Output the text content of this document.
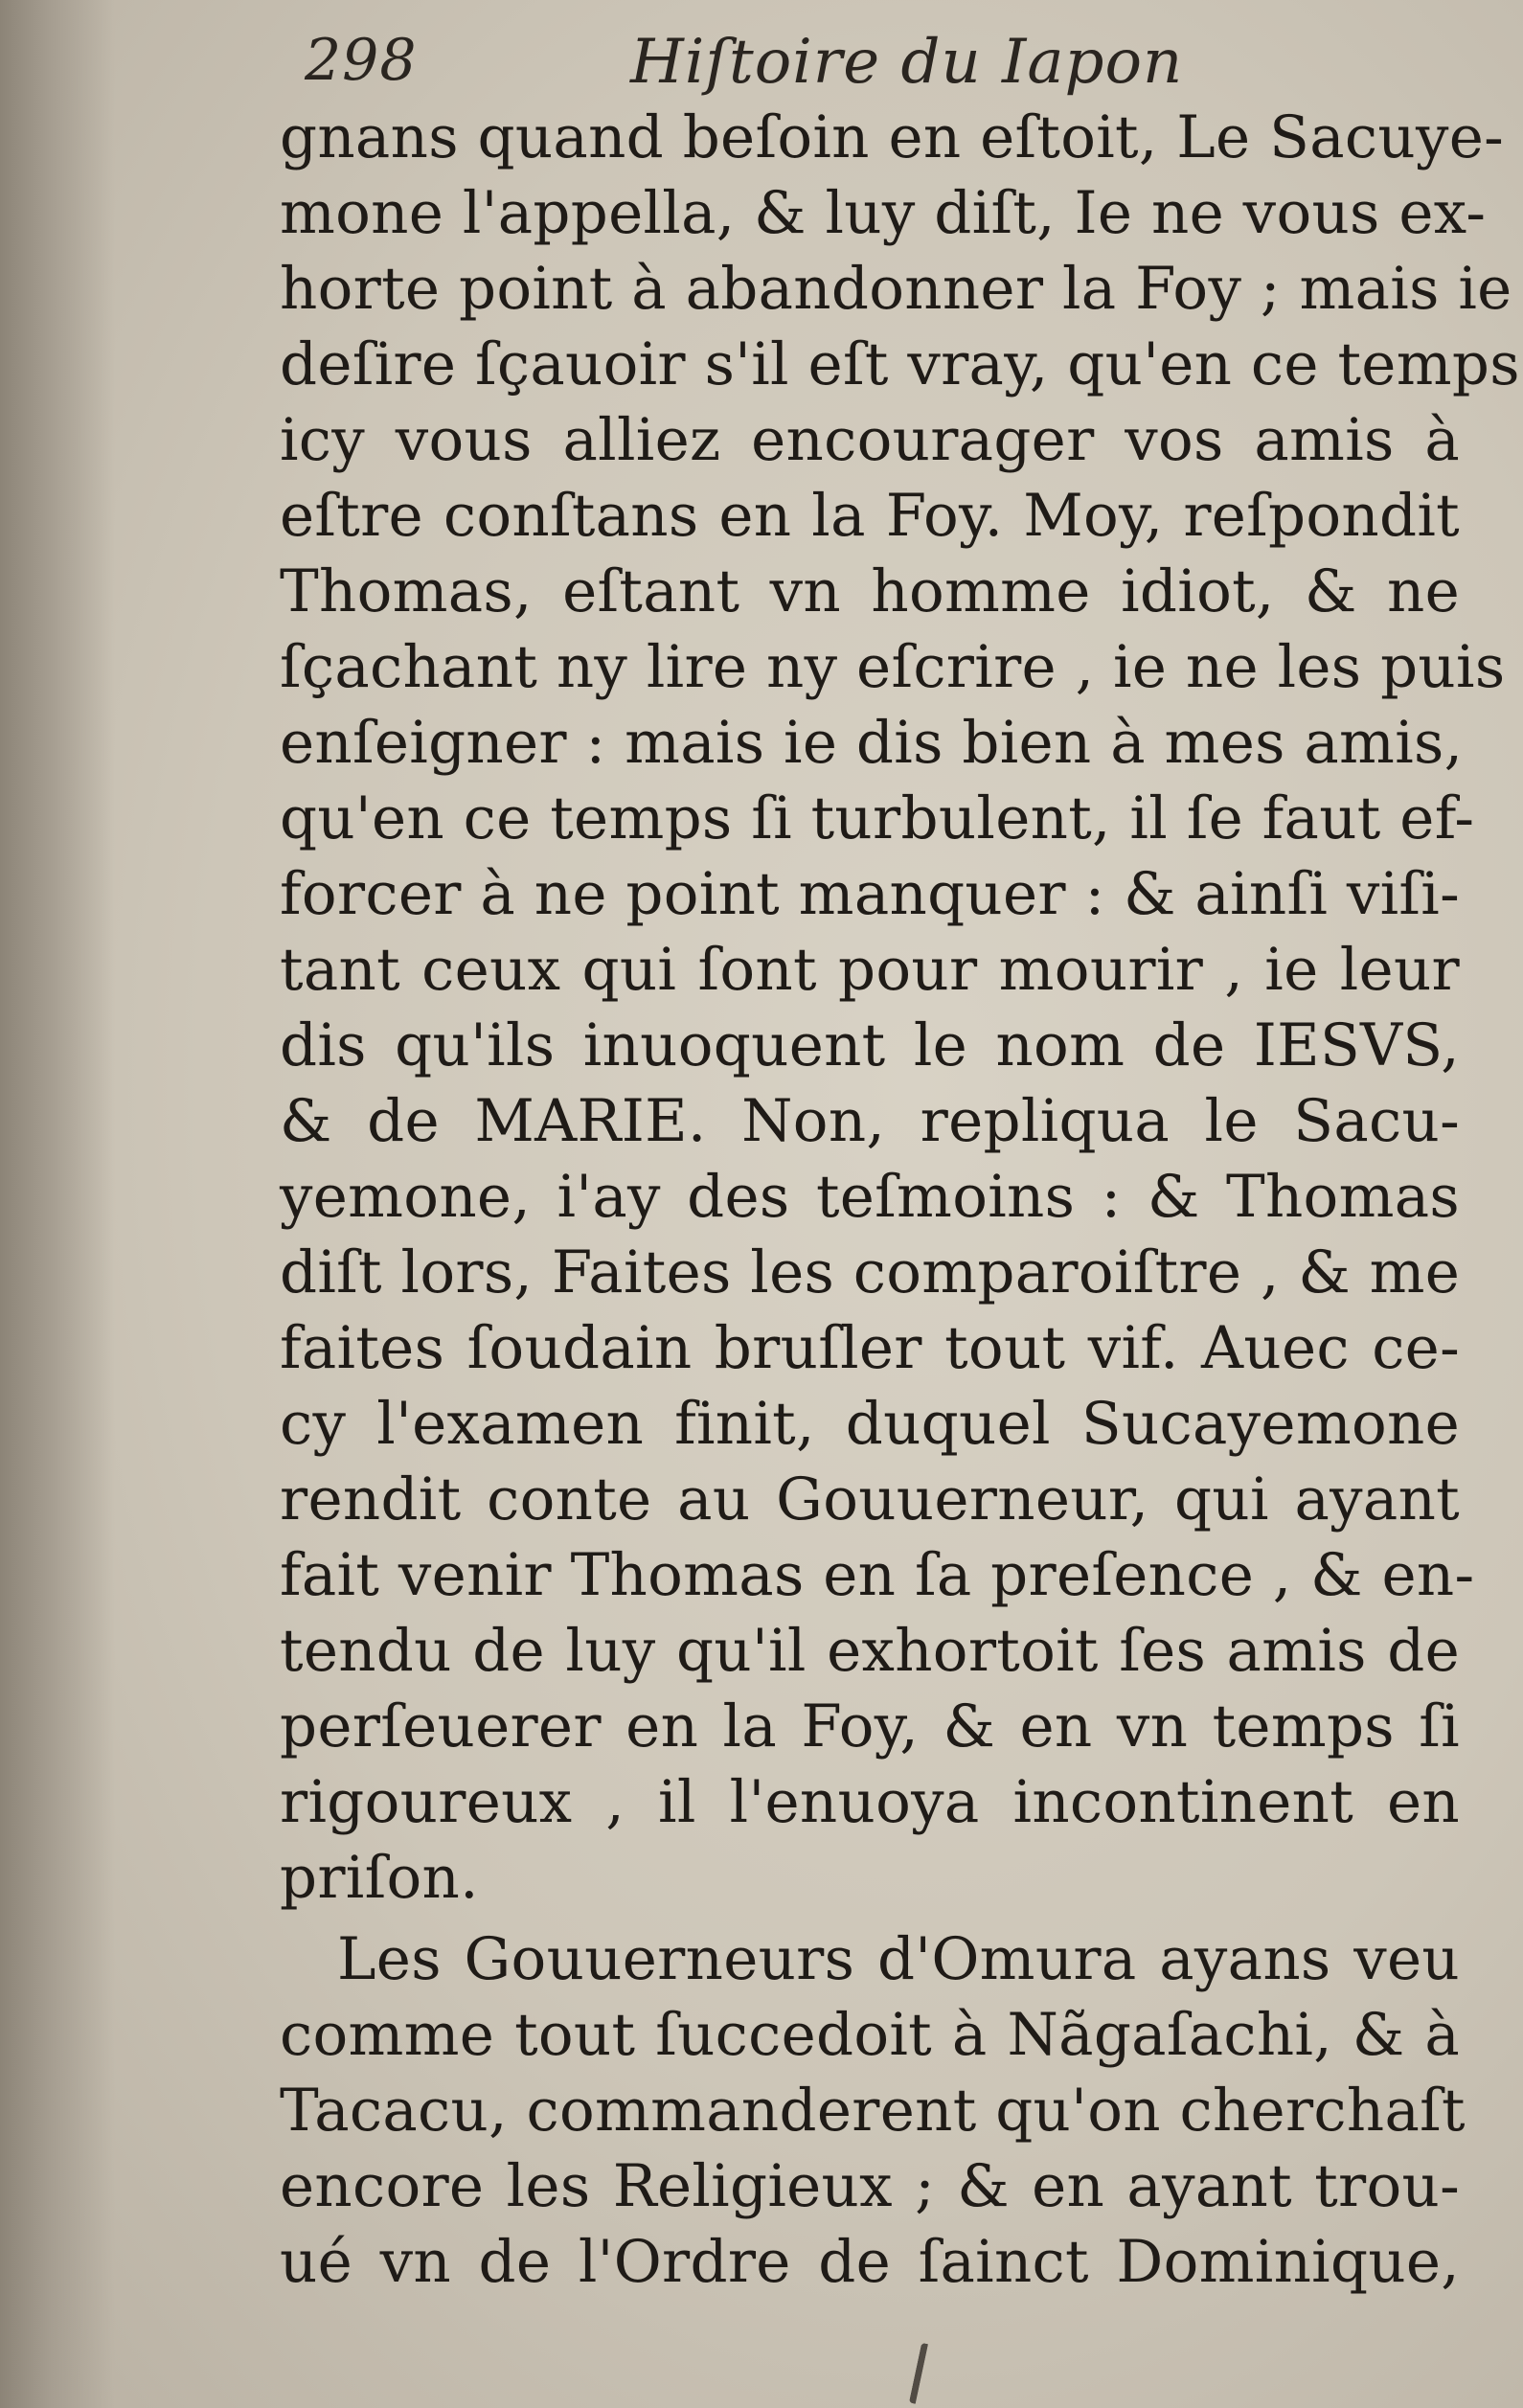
298	Hiſtoire du Iapon
gnans quand beſoin en eſtoit, Le Sacuye-
mone l'appella, & luy diſt, Ie ne vous ex-
horte point à abandonner la Foy ; mais ie
deſire ſçauoir s'il eſt vray, qu'en ce temps
icy vous alliez encourager vos amis à
eſtre conſtans en la Foy. Moy, reſpondit
Thomas, eſtant vn homme idiot, & ne
ſçachant ny lire ny eſcrire , ie ne les puis
enſeigner : mais ie dis bien à mes amis,
qu'en ce temps ſi turbulent, il ſe faut ef-
forcer à ne point manquer : & ainſi viſi-
tant ceux qui ſont pour mourir , ie leur
dis qu'ils inuoquent le nom de IESVS,
& de MARIE. Non, repliqua le Sacu-
yemone, i'ay des teſmoins : & Thomas
diſt lors, Faites les comparoiſtre , & me
faites ſoudain bruſler tout vif. Auec ce-
cy l'examen finit, duquel Sucayemone
rendit conte au Gouuerneur, qui ayant
fait venir Thomas en ſa preſence , & en-
tendu de luy qu'il exhortoit ſes amis de
perſeuerer en la Foy, & en vn temps ſi
rigoureux , il l'enuoya incontinent en
priſon.
Les Gouuerneurs d'Omura ayans veu
comme tout ſuccedoit à Nãgaſachi, & à
Tacacu, commanderent qu'on cherchaſt
encore les Religieux ; & en ayant trou-
ué vn de l'Ordre de ſainct Dominique,
